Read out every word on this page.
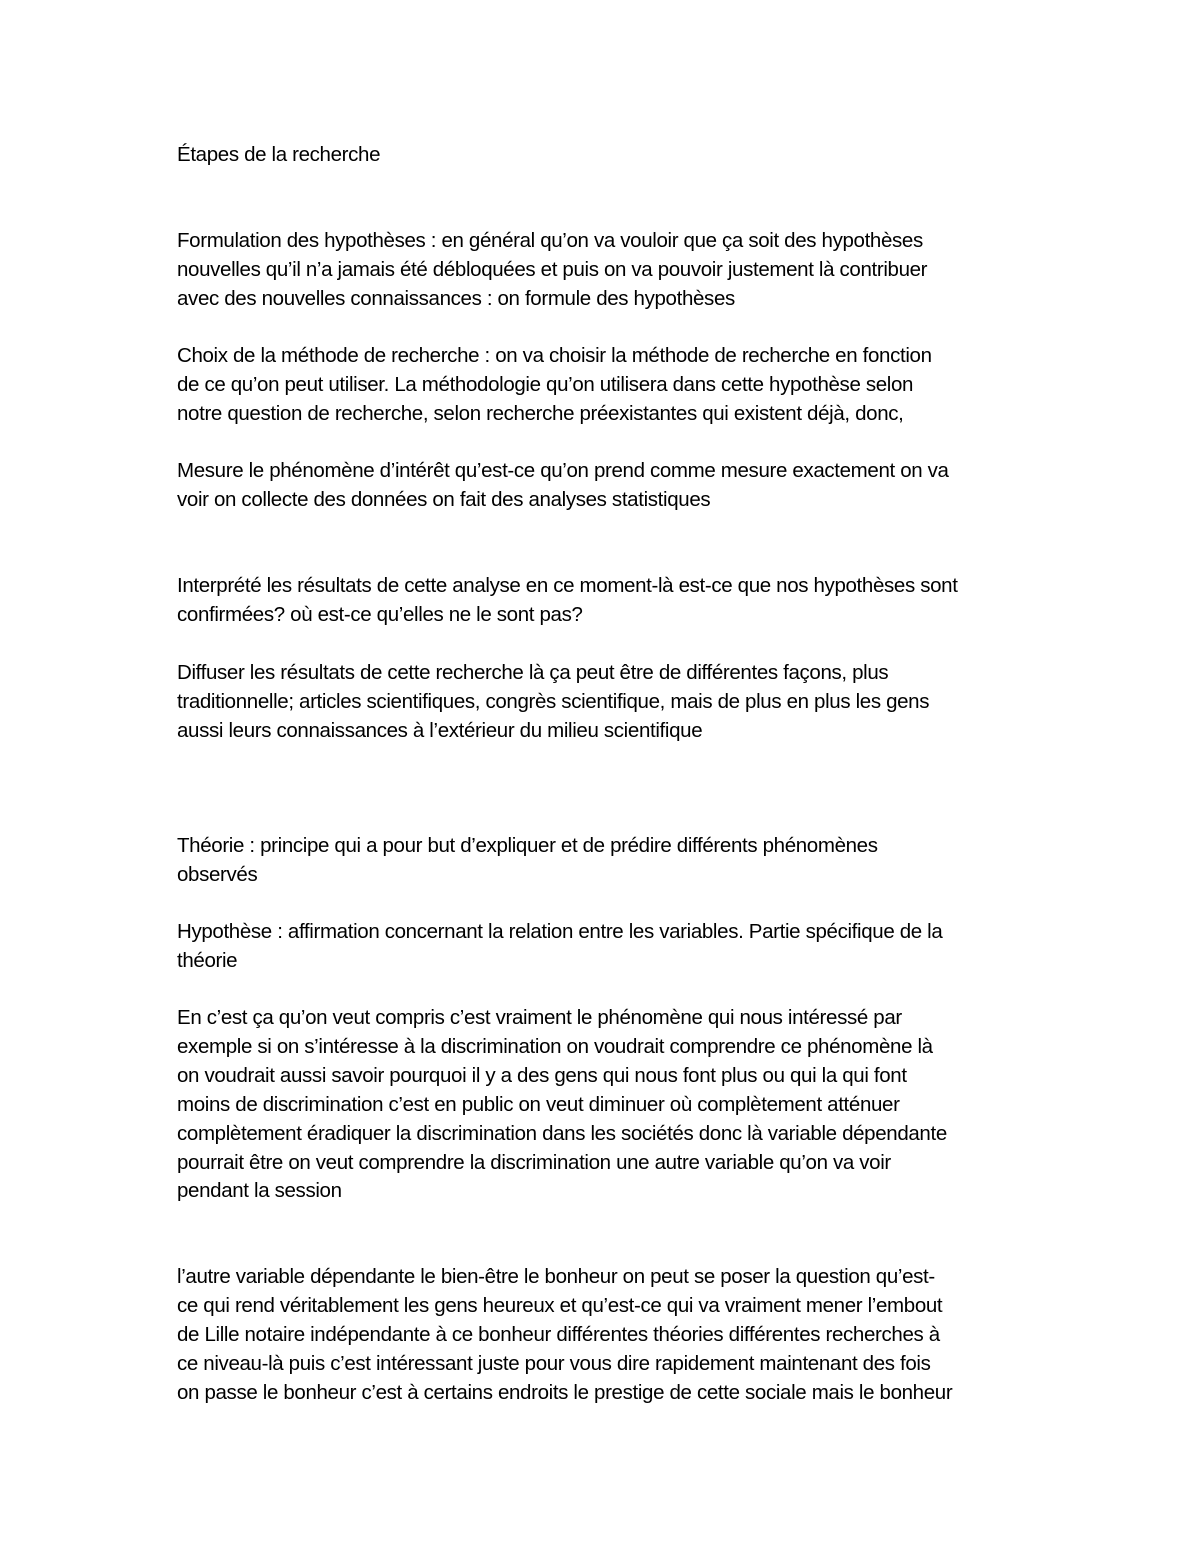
Étapes de la recherche

Formulation des hypothèses : en général qu’on va vouloir que ça soit des hypothèses
nouvelles qu’il n’a jamais été débloquées et puis on va pouvoir justement là contribuer
avec des nouvelles connaissances : on formule des hypothèses

Choix de la méthode de recherche : on va choisir la méthode de recherche en fonction
de ce qu’on peut utiliser. La méthodologie qu’on utilisera dans cette hypothèse selon
notre question de recherche, selon recherche préexistantes qui existent déjà, donc,

Mesure le phénomène d’intérêt qu’est-ce qu’on prend comme mesure exactement on va
voir on collecte des données on fait des analyses statistiques

Interprété les résultats de cette analyse en ce moment-là est-ce que nos hypothèses sont
confirmées? où est-ce qu’elles ne le sont pas?

Diffuser les résultats de cette recherche là ça peut être de différentes façons, plus
traditionnelle; articles scientifiques, congrès scientifique, mais de plus en plus les gens
aussi leurs connaissances à l’extérieur du milieu scientifique

Théorie : principe qui a pour but d’expliquer et de prédire différents phénomènes
observés

Hypothèse : affirmation concernant la relation entre les variables. Partie spécifique de la
théorie

En c’est ça qu’on veut compris c’est vraiment le phénomène qui nous intéressé par
exemple si on s’intéresse à la discrimination on voudrait comprendre ce phénomène là
on voudrait aussi savoir pourquoi il y a des gens qui nous font plus ou qui la qui font
moins de discrimination c’est en public on veut diminuer où complètement atténuer
complètement éradiquer la discrimination dans les sociétés donc là variable dépendante
pourrait être on veut comprendre la discrimination une autre variable qu’on va voir
pendant la session

l’autre variable dépendante le bien-être le bonheur on peut se poser la question qu’est-
ce qui rend véritablement les gens heureux et qu’est-ce qui va vraiment mener l’embout
de Lille notaire indépendante à ce bonheur différentes théories différentes recherches à
ce niveau-là puis c’est intéressant juste pour vous dire rapidement maintenant des fois
on passe le bonheur c’est à certains endroits le prestige de cette sociale mais le bonheur
